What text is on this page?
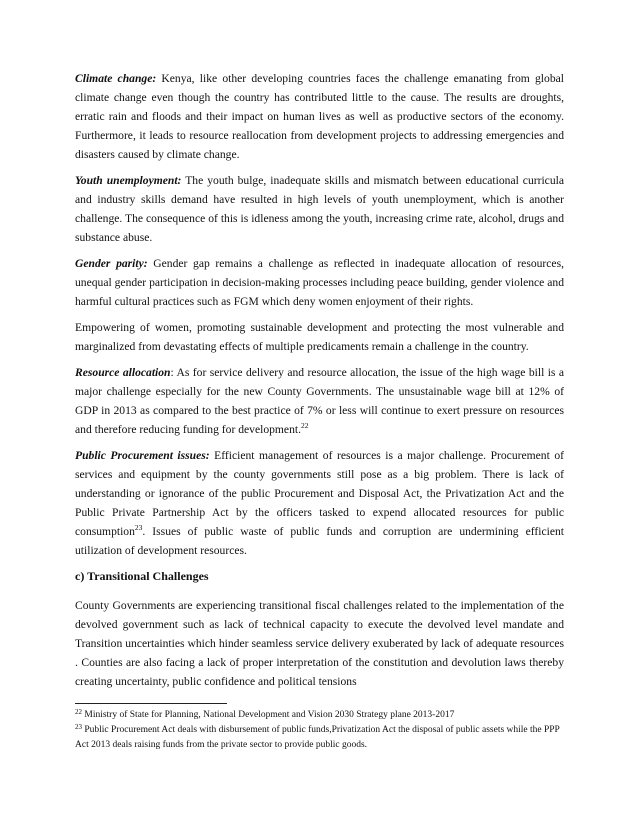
Climate change: Kenya, like other developing countries faces the challenge emanating from global climate change even though the country has contributed little to the cause. The results are droughts, erratic rain and floods and their impact on human lives as well as productive sectors of the economy. Furthermore, it leads to resource reallocation from development projects to addressing emergencies and disasters caused by climate change.

Youth unemployment: The youth bulge, inadequate skills and mismatch between educational curricula and industry skills demand have resulted in high levels of youth unemployment, which is another challenge. The consequence of this is idleness among the youth, increasing crime rate, alcohol, drugs and substance abuse.

Gender parity: Gender gap remains a challenge as reflected in inadequate allocation of resources, unequal gender participation in decision-making processes including peace building, gender violence and harmful cultural practices such as FGM which deny women enjoyment of their rights.

Empowering of women, promoting sustainable development and protecting the most vulnerable and marginalized from devastating effects of multiple predicaments remain a challenge in the country.

Resource allocation: As for service delivery and resource allocation, the issue of the high wage bill is a major challenge especially for the new County Governments. The unsustainable wage bill at 12% of GDP in 2013 as compared to the best practice of 7% or less will continue to exert pressure on resources and therefore reducing funding for development.$^{22}$

Public Procurement issues: Efficient management of resources is a major challenge. Procurement of services and equipment by the county governments still pose as a big problem. There is lack of understanding or ignorance of the public Procurement and Disposal Act, the Privatization Act and the Public Private Partnership Act by the officers tasked to expend allocated resources for public consumption$^{23}$. Issues of public waste of public funds and corruption are undermining efficient utilization of development resources.

c) Transitional Challenges

County Governments are experiencing transitional fiscal challenges related to the implementation of the devolved government such as lack of technical capacity to execute the devolved level mandate and Transition uncertainties which hinder seamless service delivery exuberated by lack of adequate resources . Counties are also facing a lack of proper interpretation of the constitution and devolution laws thereby creating uncertainty, public confidence and political tensions

$^{22}$ Ministry of State for Planning, National Development and Vision 2030 Strategy plane 2013-2017

$^{23}$ Public Procurement Act deals with disbursement of public funds,Privatization Act the disposal of public assets while the PPP Act 2013 deals raising funds from the private sector to provide public goods.
